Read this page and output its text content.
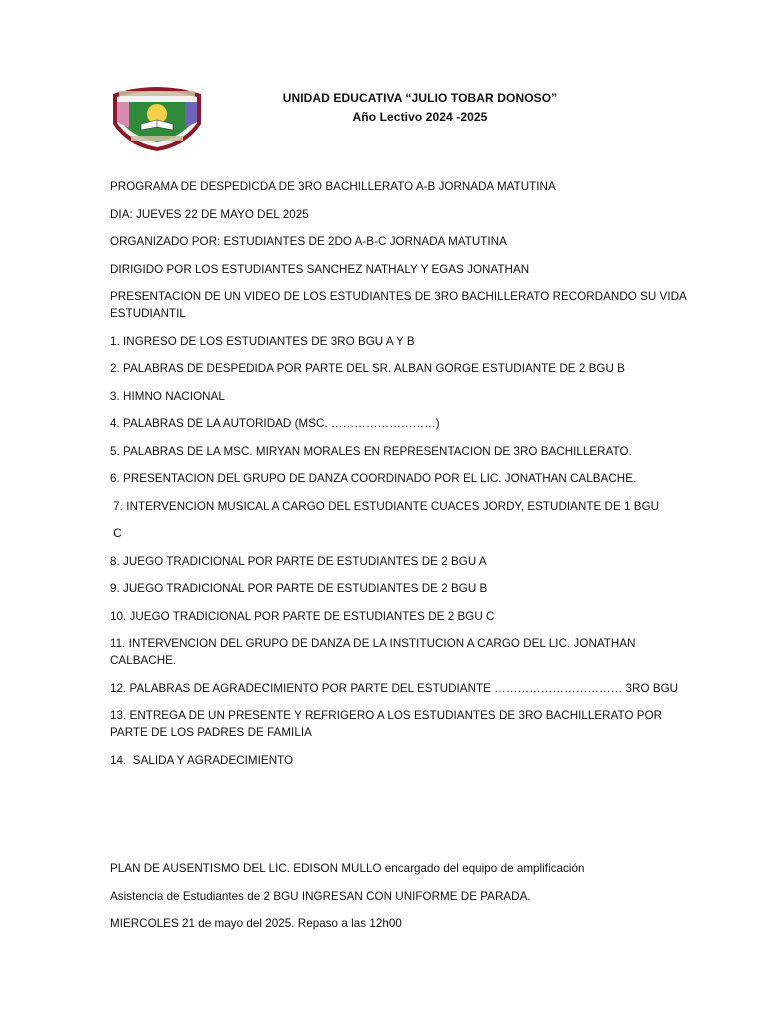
UNIDAD EDUCATIVA “JULIO TOBAR DONOSO”
Año Lectivo 2024 -2025

PROGRAMA DE DESPEDICDA DE 3RO BACHILLERATO A-B JORNADA MATUTINA

DIA: JUEVES 22 DE MAYO DEL 2025

ORGANIZADO POR: ESTUDIANTES DE 2DO A-B-C JORNADA MATUTINA

DIRIGIDO POR LOS ESTUDIANTES SANCHEZ NATHALY Y EGAS JONATHAN

PRESENTACION DE UN VIDEO DE LOS ESTUDIANTES DE 3RO BACHILLERATO RECORDANDO SU VIDA ESTUDIANTIL

1. INGRESO DE LOS ESTUDIANTES DE 3RO BGU A Y B

2. PALABRAS DE DESPEDIDA POR PARTE DEL SR. ALBAN GORGE ESTUDIANTE DE 2 BGU B

3. HIMNO NACIONAL

4. PALABRAS DE LA AUTORIDAD (MSC. ………………………)

5. PALABRAS DE LA MSC. MIRYAN MORALES EN REPRESENTACION DE 3RO BACHILLERATO.

6. PRESENTACION DEL GRUPO DE DANZA COORDINADO POR EL LIC. JONATHAN CALBACHE.

7. INTERVENCION MUSICAL A CARGO DEL ESTUDIANTE CUACES JORDY, ESTUDIANTE DE 1 BGU

C

8. JUEGO TRADICIONAL POR PARTE DE ESTUDIANTES DE 2 BGU A

9. JUEGO TRADICIONAL POR PARTE DE ESTUDIANTES DE 2 BGU B

10. JUEGO TRADICIONAL POR PARTE DE ESTUDIANTES DE 2 BGU C

11. INTERVENCION DEL GRUPO DE DANZA DE LA INSTITUCION A CARGO DEL LIC. JONATHAN CALBACHE.

12. PALABRAS DE AGRADECIMIENTO POR PARTE DEL ESTUDIANTE …………………………… 3RO BGU

13. ENTREGA DE UN PRESENTE Y REFRIGERO A LOS ESTUDIANTES DE 3RO BACHILLERATO POR PARTE DE LOS PADRES DE FAMILIA

14.  SALIDA Y AGRADECIMIENTO

PLAN DE AUSENTISMO DEL LIC. EDISON MULLO encargado del equipo de amplificación

Asistencia de Estudiantes de 2 BGU INGRESAN CON UNIFORME DE PARADA.

MIERCOLES 21 de mayo del 2025. Repaso a las 12h00
